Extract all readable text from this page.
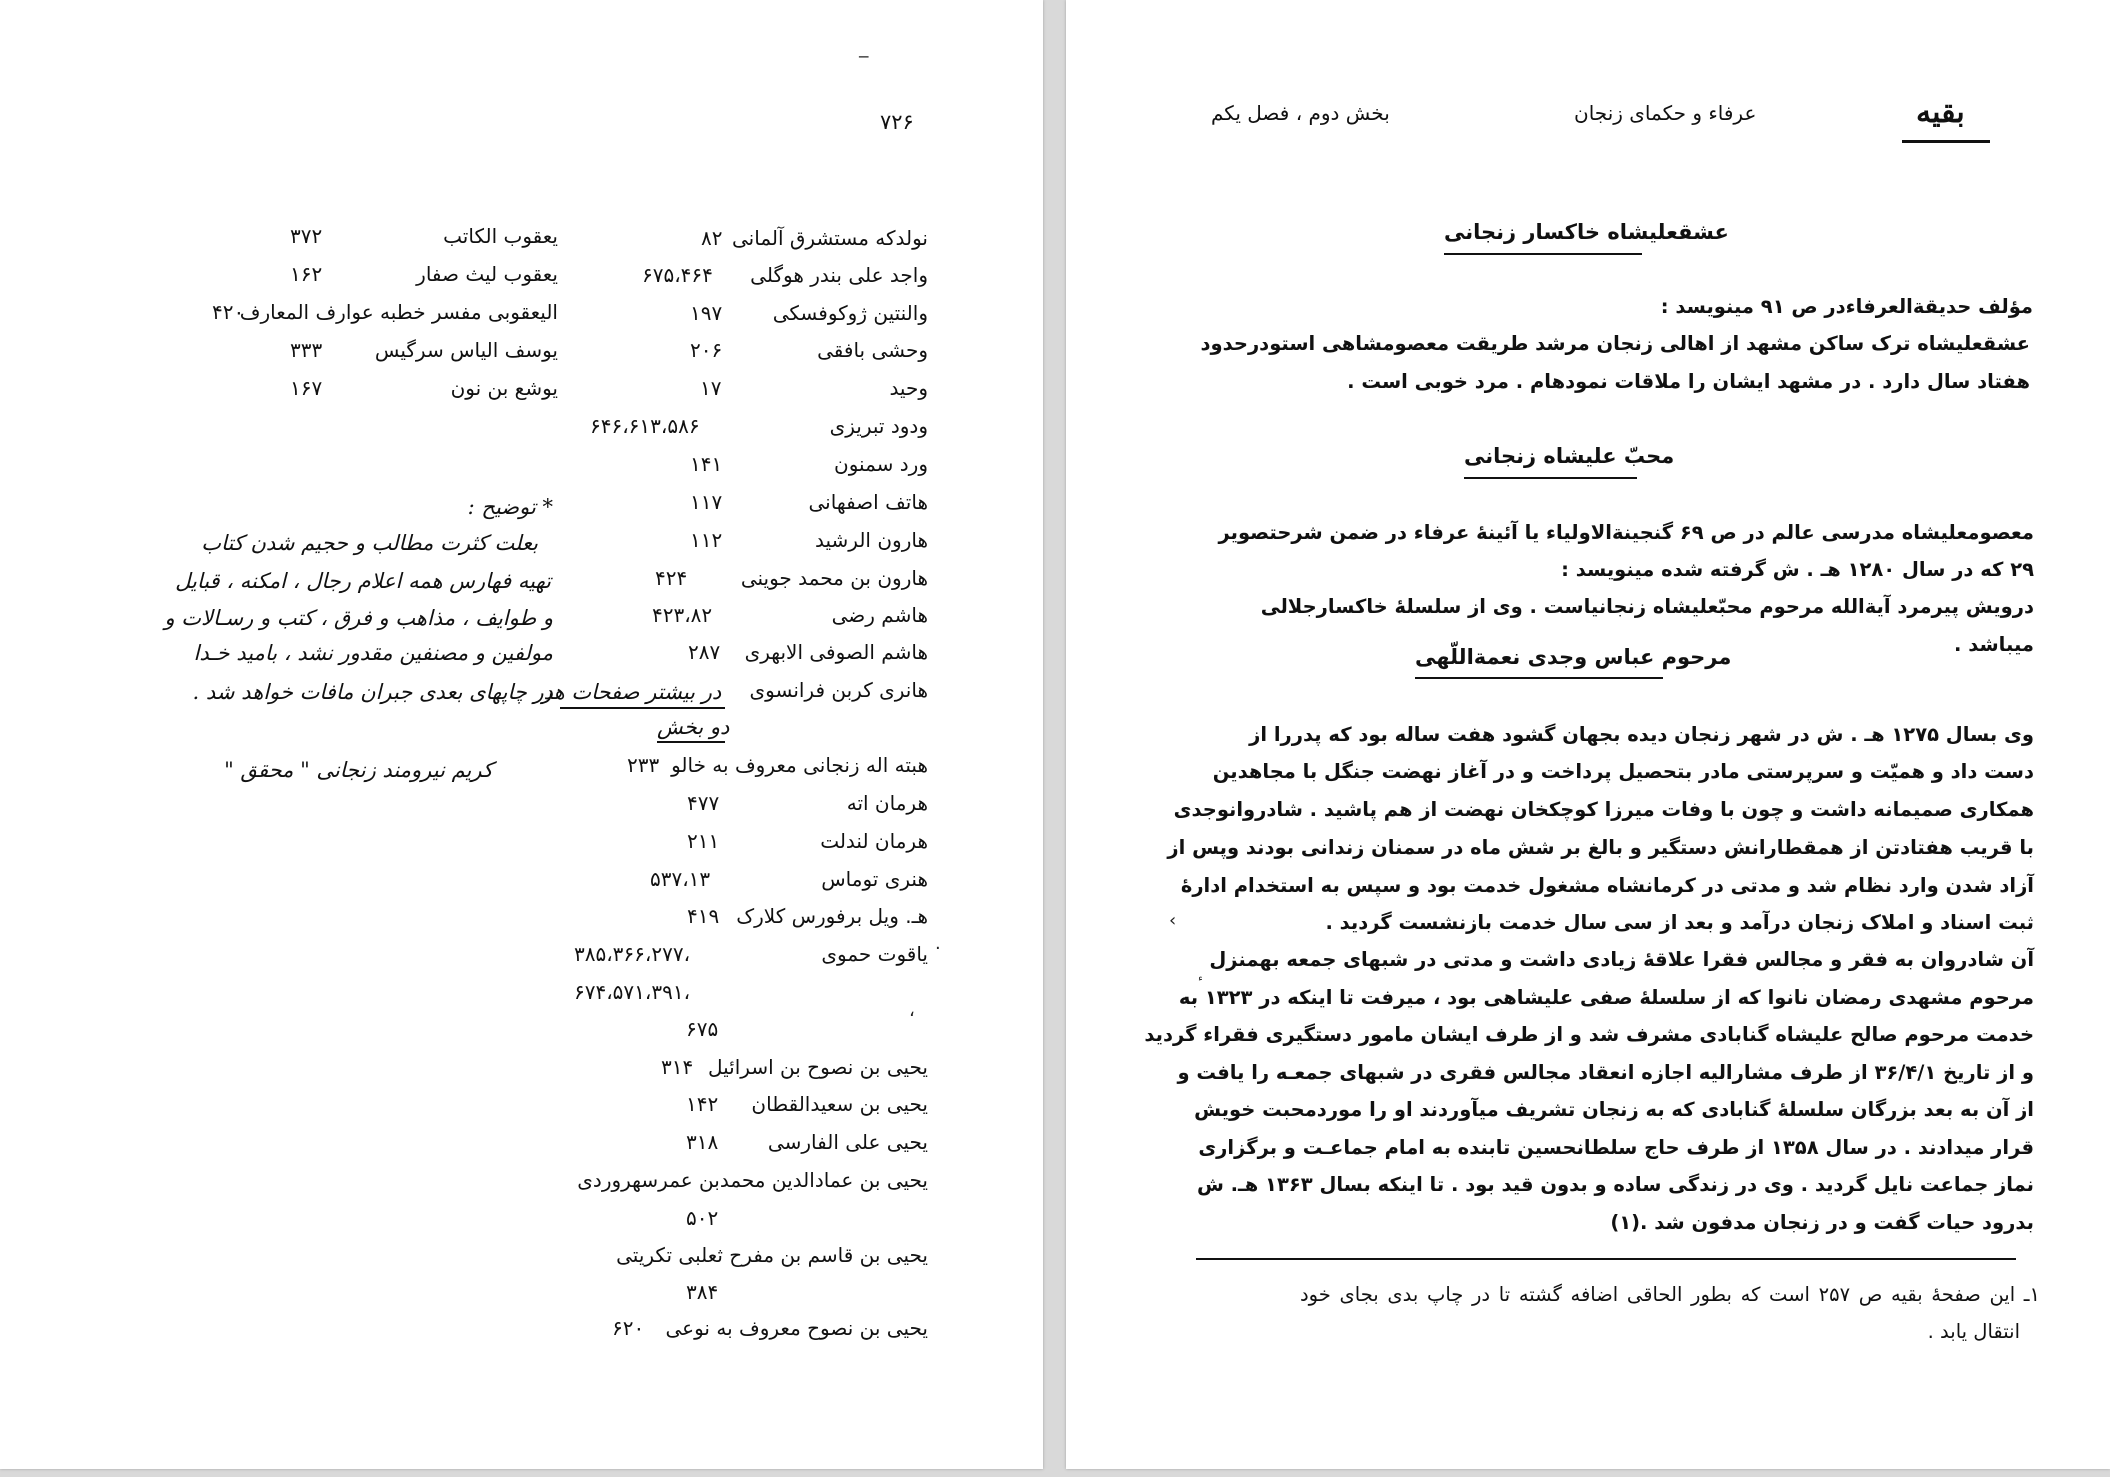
‒
۷۲۶
نولدکه مستشرق آلمانی
۸۲
واجد علی بندر هوگلی
۶۷۵،۴۶۴
والنتین ژوکوفسکی
۱۹۷
وحشی بافقی
۲۰۶
وحید
۱۷
ودود تبریزی
۶۴۶،۶۱۳،۵۸۶
ورد سمنون
۱۴۱
هاتف اصفهانی
۱۱۷
هارون الرشید
۱۱۲
هارون بن محمد جوینی
۴۲۴
هاشم رضی
۴۲۳،۸۲
هاشم الصوفی الابهری
۲۸۷
هانری کربن فرانسوی
هبته اله زنجانی معروف به خالو
۲۳۳
هرمان اته
۴۷۷
هرمان لندلت
۲۱۱
هنری توماس
۵۳۷،۱۳
هـ. ویل برفورس کلارک
۴۱۹
یاقوت حموی
۳۸۵،۳۶۶،۲۷۷،
۶۷۴،۵۷۱،۳۹۱،
۶۷۵
یحیی بن نصوح بن اسرائیل
۳۱۴
یحیی بن سعیدالقطان
۱۴۲
یحیی علی الفارسی
۳۱۸
یحیی بن عمادالدین محمدبن عمرسهروردی
۵۰۲
یحیی بن قاسم بن مفرح ثعلبی تکریتی
۳۸۴
یحیی بن نصوح معروف به نوعی
۶۲۰
یعقوب الکاتب
۳۷۲
یعقوب لیث صفار
۱۶۲
الیعقوبی مفسر خطبه عوارف المعارف
۴۲۰
یوسف الیاس سرگیس
۳۳۳
یوشع بن نون
۱۶۷
* توضیح :
بعلت کثرت مطالب و حجیم شدن کتاب
تهیه فهارس همه اعلام رجال ، امکنه ، قبایل
و طوایف ، مذاهب و فرق ، کتب و رسـالات و
مولفین و مصنفین مقدور نشد ، بامید خـدا
در چاپهای بعدی جبران مافات خواهد شد .
در بیشتر صفحات هر
دو بخش
کریم نیرومند زنجانی " محقق "
·
،
بخش دوم ، فصل یکم	عرفاء و حکمای زنجان	بقیه
عشقعلیشاه خاکسار زنجانی
مؤلف حدیقةالعرفاءدر ص ۹۱ مینویسد :
عشقعلیشاه ترک ساکن مشهد از اهالی زنجان مرشد طریقت معصومشاهی استودرحدود
هفتاد سال دارد . در مشهد ایشان را ملاقات نمودهام . مرد خوبی است .
محبّ علیشاه زنجانی
معصومعلیشاه مدرسی عالم در ص ۶۹ گنجینةالاولیاء یا آئینهٔ عرفاء در ضمن شرحتصویر
۲۹ که در سال ۱۲۸۰ هـ . ش گرفته شده مینویسد :
درویش پیرمرد آیةالله مرحوم محبّعلیشاه زنجانیاست . وی از سلسلهٔ خاکسارجلالی
میباشد .
مرحوم عباس وجدی نعمةاللّهی
وی بسال ۱۲۷۵ هـ . ش در شهر زنجان دیده بجهان گشود هفت ساله بود که پدررا از
دست داد و همیّت و سرپرستی مادر بتحصیل پرداخت و در آغاز نهضت جنگل با مجاهدین
همکاری صمیمانه داشت و چون با وفات میرزا کوچکخان نهضت از هم پاشید . شادروانوجدی
با قریب هفتادتن از همقطارانش دستگیر و بالغ بر شش ماه در سمنان زندانی بودند وپس از
آزاد شدن وارد نظام شد و مدتی در کرمانشاه مشغول خدمت بود و سپس به استخدام ادارهٔ
ثبت اسناد و املاک زنجان درآمد و بعد از سی سال خدمت بازنشست گردید .
آن شادروان به فقر و مجالس فقرا علاقهٔ زیادی داشت و مدتی در شبهای جمعه بهمنزل
مرحوم مشهدی رمضان نانوا که از سلسلهٔ صفی علیشاهی بود ، میرفت تا اینکه در ۱۳۲۳ به
خدمت مرحوم صالح علیشاه گنابادی مشرف شد و از طرف ایشان مامور دستگیری فقراء گردید
و از تاریخ ۳۶/۴/۱ از طرف مشارالیه اجازه انعقاد مجالس فقری در شبهای جمعـه را یافت و
از آن به بعد بزرگان سلسلهٔ گنابادی که به زنجان تشریف میآوردند او را موردمحبت خویش
قرار میدادند . در سال ۱۳۵۸ از طرف حاج سلطانحسین تابنده به امام جماعـت و برگزاری
نماز جماعت نایل گردید . وی در زندگی ساده و بدون قید بود . تا اینکه بسال ۱۳۶۳ هـ. ش
بدرود حیات گفت و در زنجان مدفون شد .(۱)
‹
۱ـ این صفحهٔ بقیه ص ۲۵۷ است که بطور الحاقی اضافه گشته تا در چاپ بدی بجای خود
انتقال یابد .
